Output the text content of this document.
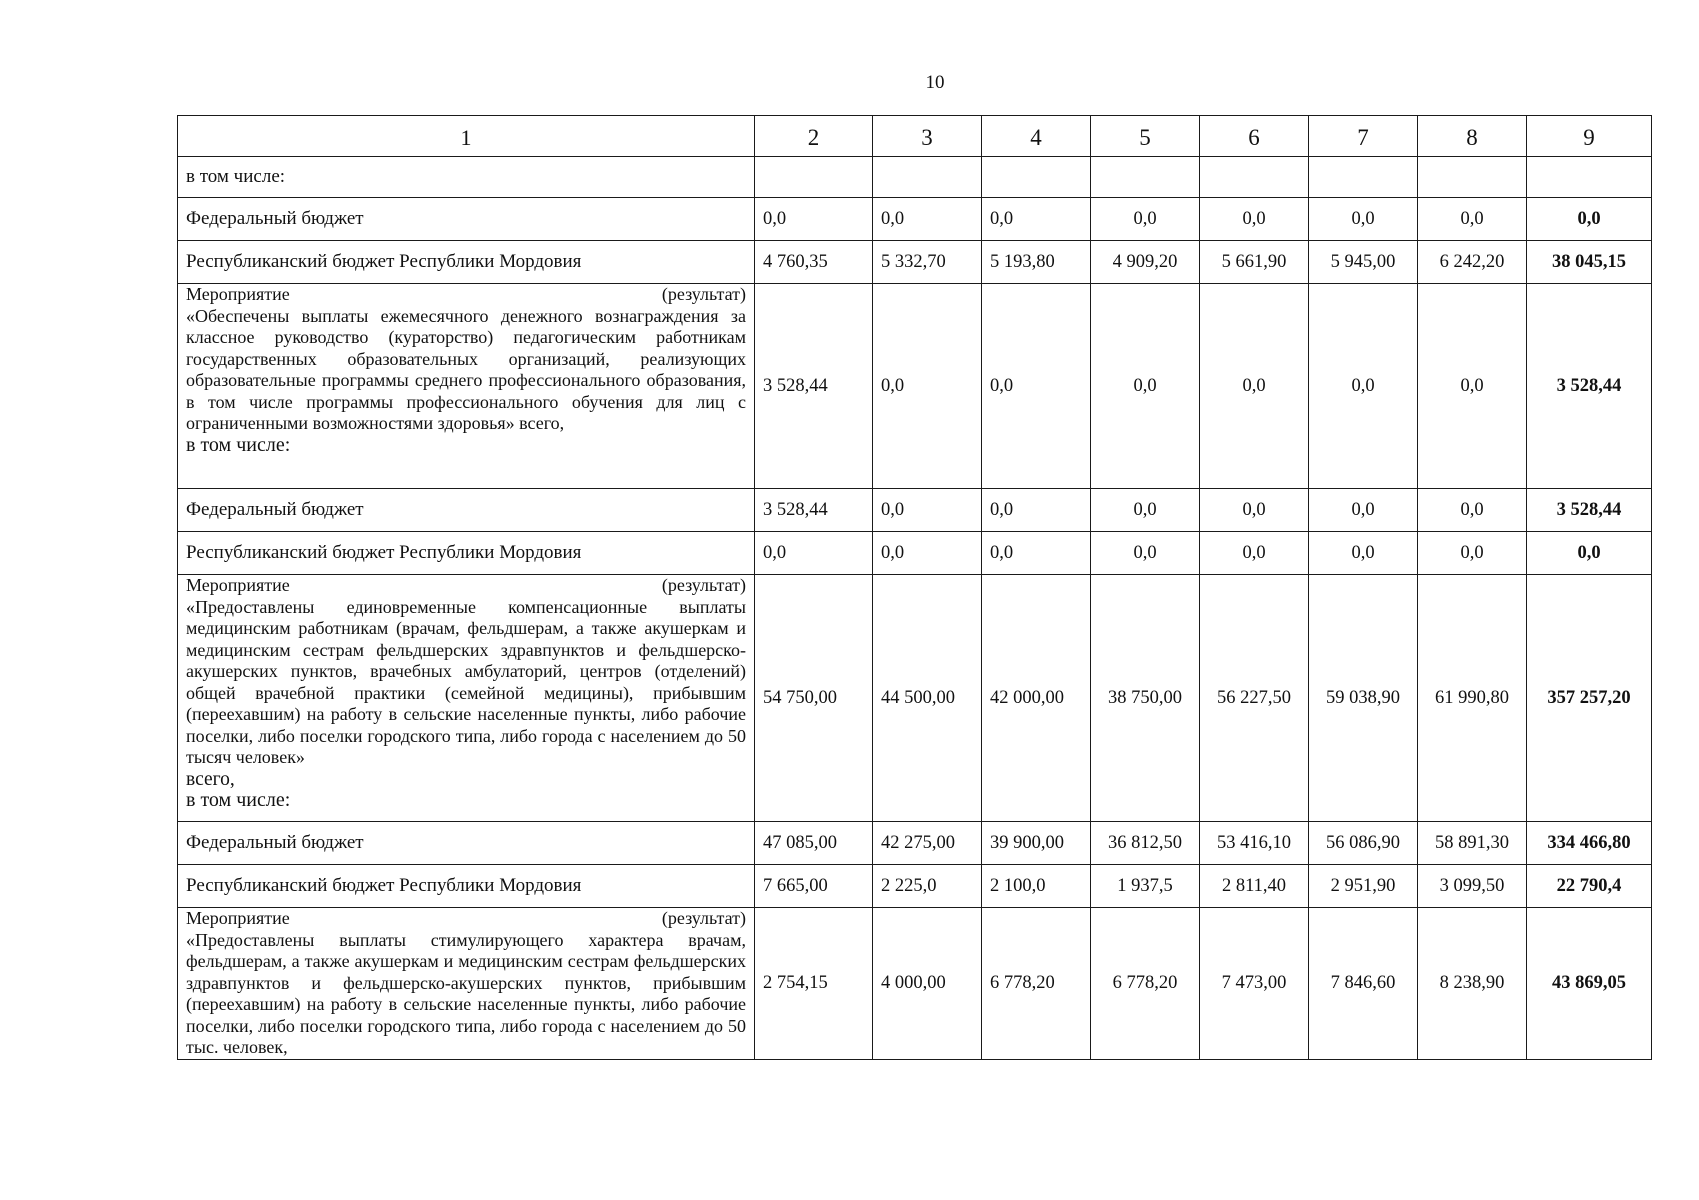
10
1	2	3	4	5	6	7	8	9
в том числе:								
Федеральный бюджет	0,0	0,0	0,0	0,0	0,0	0,0	0,0	0,0
Республиканский бюджет Республики Мордовия	4 760,35	5 332,70	5 193,80	4 909,20	5 661,90	5 945,00	6 242,20	38 045,15

Мероприятие (результат)
«Обеспечены выплаты ежемесячного денежного вознаграждения за классное руководство (кураторство) педагогическим работникам государственных образовательных организаций, реализующих образовательные программы среднего профессионального образования, в том числе программы профессионального обучения для лиц с ограниченными возможностями здоровья» всего,
в том числе:	3 528,44	0,0	0,0	0,0	0,0	0,0	0,0	3 528,44
Федеральный бюджет	3 528,44	0,0	0,0	0,0	0,0	0,0	0,0	3 528,44
Республиканский бюджет Республики Мордовия	0,0	0,0	0,0	0,0	0,0	0,0	0,0	0,0

Мероприятие (результат)
«Предоставлены единовременные компенсационные выплаты медицинским работникам (врачам, фельдшерам, а также акушеркам и медицинским сестрам фельдшерских здравпунктов и фельдшерско-акушерских пунктов, врачебных амбулаторий, центров (отделений) общей врачебной практики (семейной медицины), прибывшим (переехавшим) на работу в сельские населенные пункты, либо рабочие поселки, либо поселки городского типа, либо города с населением до 50 тысяч человек»
всего,
в том числе:	54 750,00	44 500,00	42 000,00	38 750,00	56 227,50	59 038,90	61 990,80	357 257,20
Федеральный бюджет	47 085,00	42 275,00	39 900,00	36 812,50	53 416,10	56 086,90	58 891,30	334 466,80
Республиканский бюджет Республики Мордовия	7 665,00	2 225,0	2 100,0	1 937,5	2 811,40	2 951,90	3 099,50	22 790,4

Мероприятие (результат)
«Предоставлены выплаты стимулирующего характера врачам, фельдшерам, а также акушеркам и медицинским сестрам фельдшерских здравпунктов и фельдшерско-акушерских пунктов, прибывшим (переехавшим) на работу в сельские населенные пункты, либо рабочие поселки, либо поселки городского типа, либо города с населением до 50 тыс. человек,	2 754,15	4 000,00	6 778,20	6 778,20	7 473,00	7 846,60	8 238,90	43 869,05
